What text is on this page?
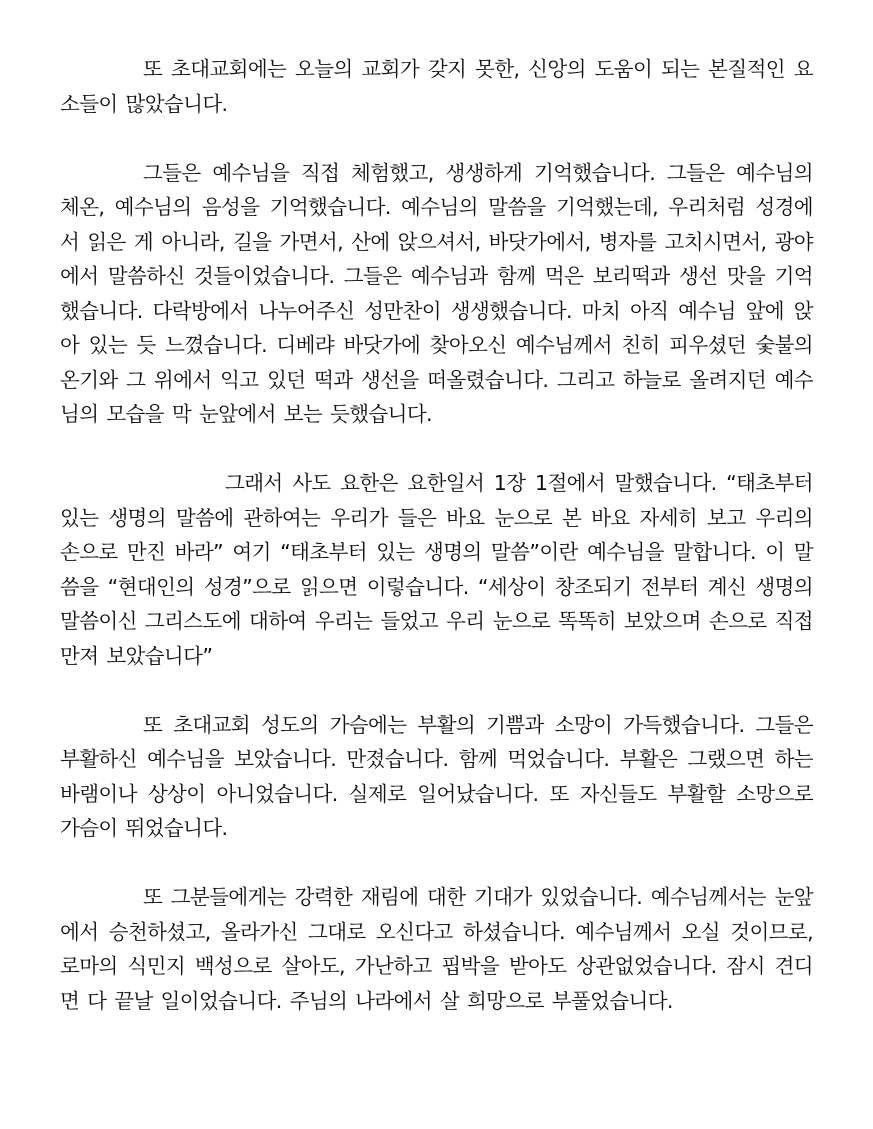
또 초대교회에는 오늘의 교회가 갖지 못한, 신앙의 도움이 되는 본질적인 요소들이 많았습니다.

그들은 예수님을 직접 체험했고, 생생하게 기억했습니다. 그들은 예수님의 체온, 예수님의 음성을 기억했습니다. 예수님의 말씀을 기억했는데, 우리처럼 성경에서 읽은 게 아니라, 길을 가면서, 산에 앉으셔서, 바닷가에서, 병자를 고치시면서, 광야에서 말씀하신 것들이었습니다. 그들은 예수님과 함께 먹은 보리떡과 생선 맛을 기억했습니다. 다락방에서 나누어주신 성만찬이 생생했습니다. 마치 아직 예수님 앞에 앉아 있는 듯 느꼈습니다. 디베랴 바닷가에 찾아오신 예수님께서 친히 피우셨던 숯불의 온기와 그 위에서 익고 있던 떡과 생선을 떠올렸습니다. 그리고 하늘로 올려지던 예수님의 모습을 막 눈앞에서 보는 듯했습니다.

그래서 사도 요한은 요한일서 1장 1절에서 말했습니다. “태초부터 있는 생명의 말씀에 관하여는 우리가 들은 바요 눈으로 본 바요 자세히 보고 우리의 손으로 만진 바라” 여기 “태초부터 있는 생명의 말씀”이란 예수님을 말합니다. 이 말씀을 “현대인의 성경”으로 읽으면 이렇습니다. “세상이 창조되기 전부터 계신 생명의 말씀이신 그리스도에 대하여 우리는 들었고 우리 눈으로 똑똑히 보았으며 손으로 직접 만져 보았습니다”

또 초대교회 성도의 가슴에는 부활의 기쁨과 소망이 가득했습니다. 그들은 부활하신 예수님을 보았습니다. 만졌습니다. 함께 먹었습니다. 부활은 그랬으면 하는 바램이나 상상이 아니었습니다. 실제로 일어났습니다. 또 자신들도 부활할 소망으로 가슴이 뛰었습니다.

또 그분들에게는 강력한 재림에 대한 기대가 있었습니다. 예수님께서는 눈앞에서 승천하셨고, 올라가신 그대로 오신다고 하셨습니다. 예수님께서 오실 것이므로, 로마의 식민지 백성으로 살아도, 가난하고 핍박을 받아도 상관없었습니다. 잠시 견디면 다 끝날 일이었습니다. 주님의 나라에서 살 희망으로 부풀었습니다.
